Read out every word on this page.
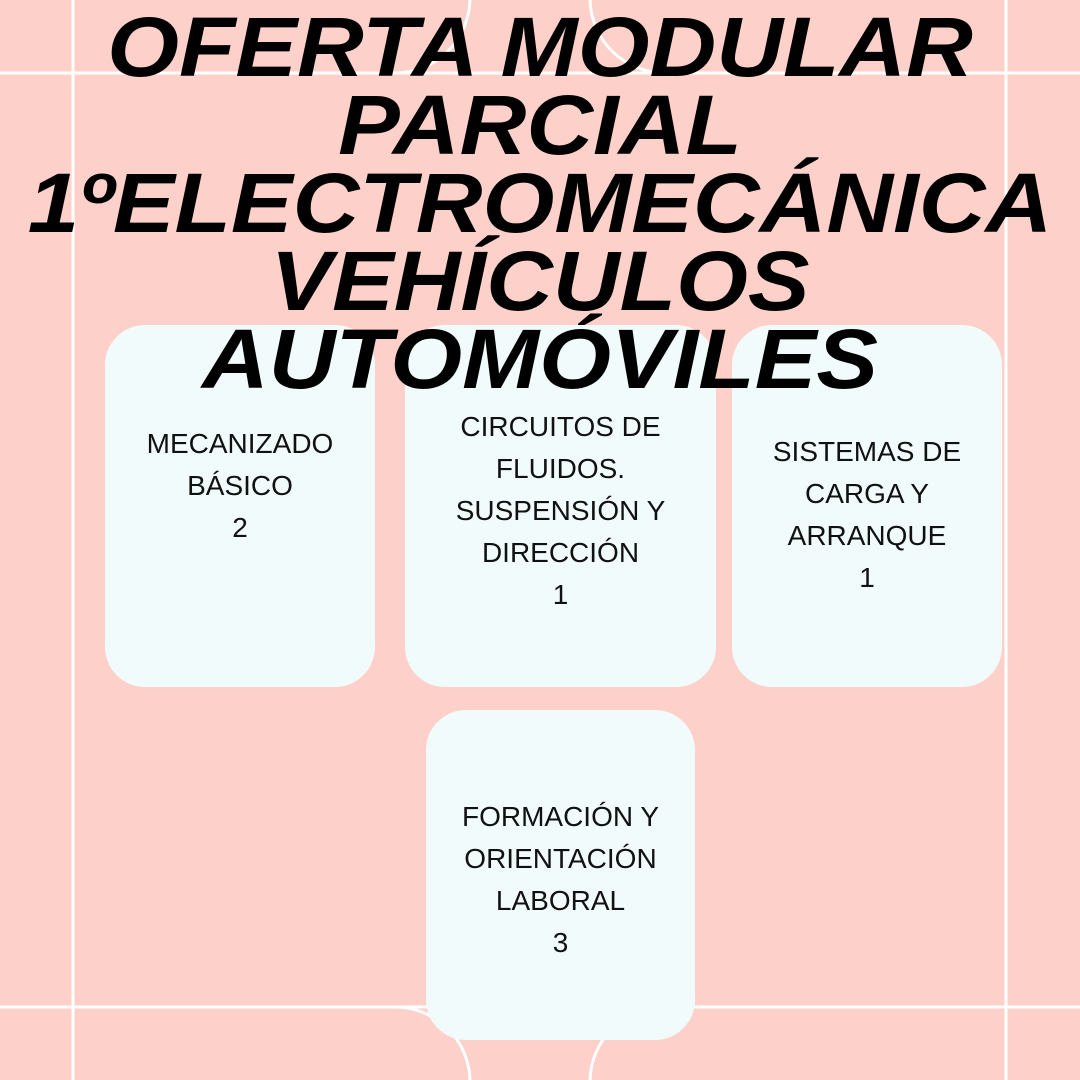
OFERTA MODULAR
PARCIAL
1ºELECTROMECÁNICA
VEHÍCULOS
AUTOMÓVILES

MECANIZADO
BÁSICO

2

CIRCUITOS DE
FLUIDOS.
SUSPENSIÓN Y
DIRECCIÓN

1

SISTEMAS DE
CARGA Y
ARRANQUE

1

FORMACIÓN Y
ORIENTACIÓN
LABORAL

3
